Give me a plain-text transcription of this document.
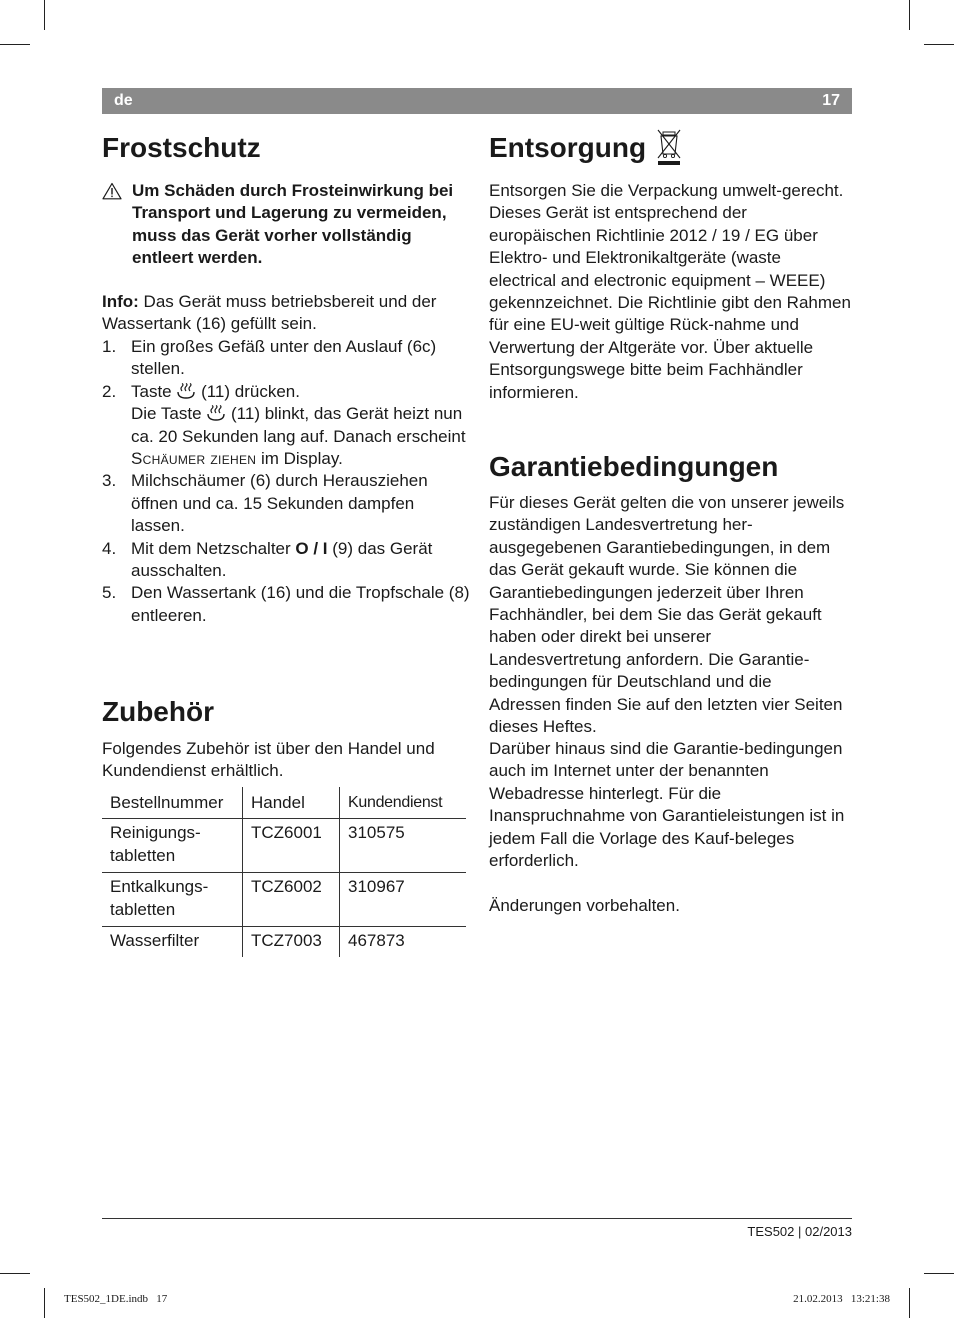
de	17
Frostschutz
Um Schäden durch Frosteinwirkung bei Transport und Lagerung zu vermeiden, muss das Gerät vorher vollständig entleert werden.

Info: Das Gerät muss betriebsbereit und der Wassertank (16) gefüllt sein.

1. Ein großes Gefäß unter den Auslauf (6c) stellen.
2. Taste  (11) drücken.
Die Taste  (11) blinkt, das Gerät heizt nun ca. 20 Sekunden lang auf. Danach erscheint Schäumer ziehen im Display.
3. Milchschäumer (6) durch Herausziehen öffnen und ca. 15 Sekunden dampfen lassen.
4. Mit dem Netzschalter O / I (9) das Gerät ausschalten.
5. Den Wassertank (16) und die Tropfschale (8) entleeren.
Zubehör

Folgendes Zubehör ist über den Handel und Kundendienst erhältlich.

Bestellnummer	Handel	Kundendienst
Reinigungs-tabletten	TCZ6001	310575
Entkalkungs-tabletten	TCZ6002	310967
Wasserfilter	TCZ7003	467873
Entsorgung

Entsorgen Sie die Verpackung umwelt-gerecht. Dieses Gerät ist entsprechend der europäischen Richtlinie 2012 / 19 / EG über Elektro- und Elektronikaltgeräte (waste electrical and electronic equipment – WEEE) gekennzeichnet. Die Richtlinie gibt den Rahmen für eine EU-weit gültige Rück-nahme und Verwertung der Altgeräte vor. Über aktuelle Entsorgungswege bitte beim Fachhändler informieren.

Garantiebedingungen

Für dieses Gerät gelten die von unserer jeweils zuständigen Landesvertretung her-ausgegebenen Garantiebedingungen, in dem das Gerät gekauft wurde. Sie können die Garantiebedingungen jederzeit über Ihren Fachhändler, bei dem Sie das Gerät gekauft haben oder direkt bei unserer Landesvertretung anfordern. Die Garantie-bedingungen für Deutschland und die Adressen finden Sie auf den letzten vier Seiten dieses Heftes.

Darüber hinaus sind die Garantie-bedingungen auch im Internet unter der benannten Webadresse hinterlegt. Für die Inanspruchnahme von Garantieleistungen ist in jedem Fall die Vorlage des Kauf-beleges erforderlich.

Änderungen vorbehalten.

TES502 | 02/2013
TES502_1DE.indb   17	21.02.2013   13:21:38
